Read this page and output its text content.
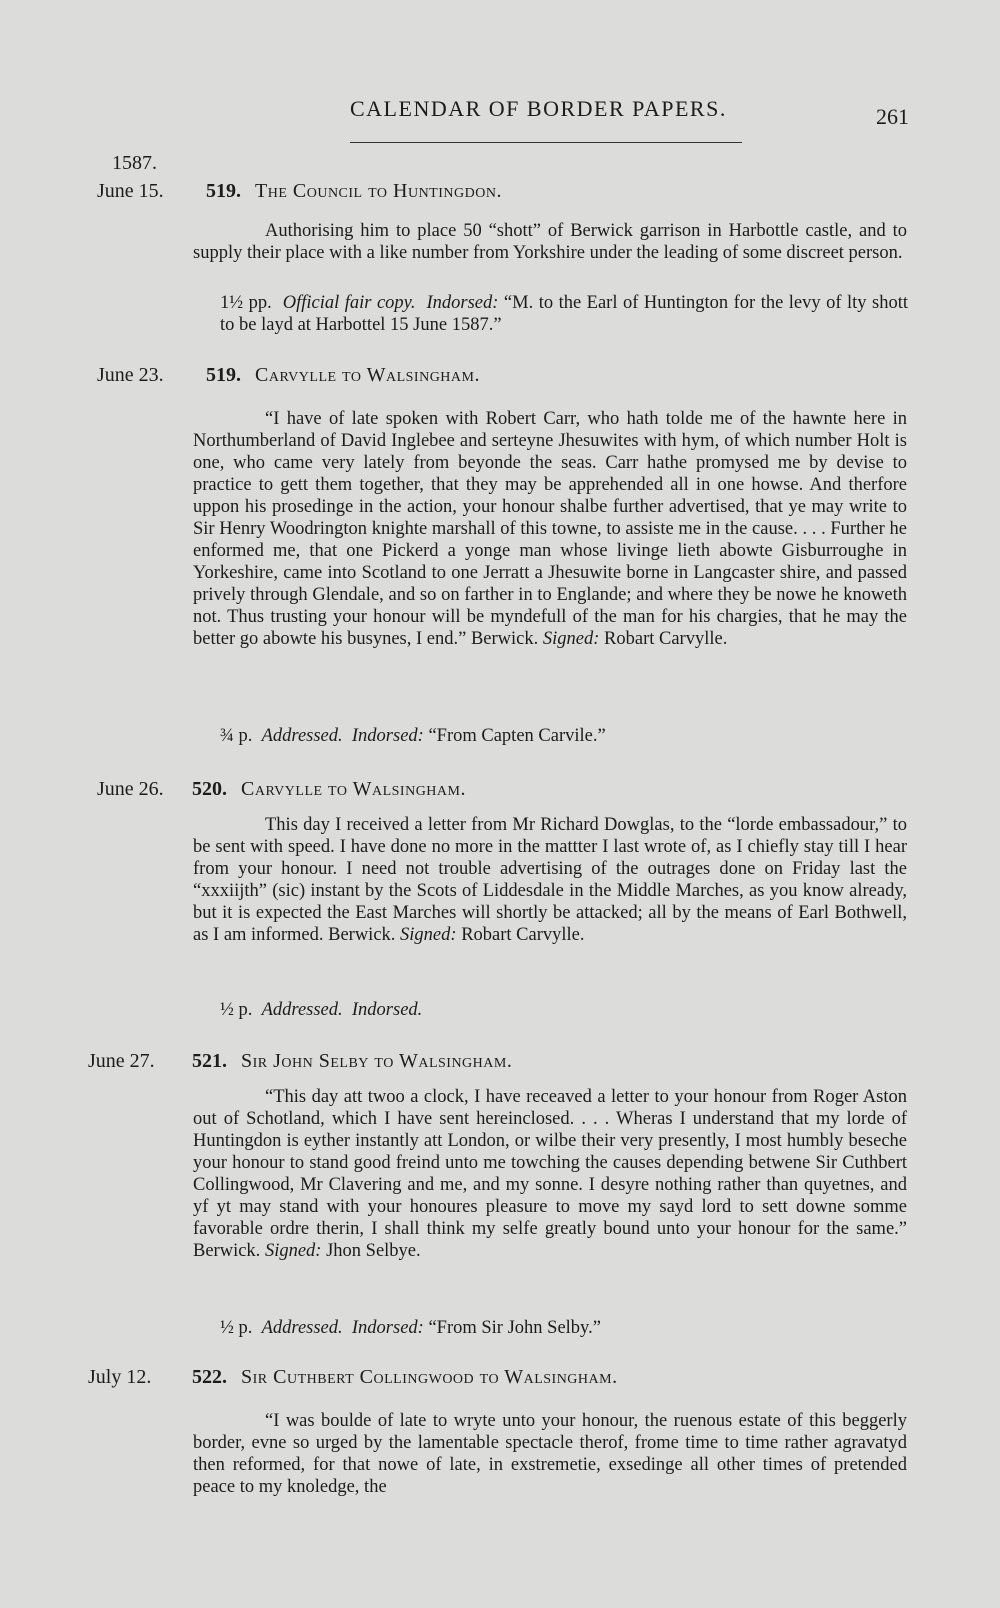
CALENDAR OF BORDER PAPERS.	261
1587.
June 15. 519. The Council to Huntingdon.

Authorising him to place 50 “shott” of Berwick garrison in Harbottle castle, and to supply their place with a like number from Yorkshire under the leading of some discreet person.

1½ pp. Official fair copy. Indorsed: “M. to the Earl of Huntington for the levy of lty shott to be layd at Harbottel 15 June 1587.”
June 23. 519. Carvylle to Walsingham.

“I have of late spoken with Robert Carr, who hath tolde me of the hawnte here in Northumberland of David Inglebee and serteyne Jhesuwites with hym, of which number Holt is one, who came very lately from beyonde the seas. Carr hathe promysed me by devise to practice to gett them together, that they may be apprehended all in one howse. And therfore uppon his prosedinge in the action, your honour shalbe further advertised, that ye may write to Sir Henry Woodrington knighte marshall of this towne, to assiste me in the cause. . . . Further he enformed me, that one Pickerd a yonge man whose livinge lieth abowte Gisburroughe in Yorkeshire, came into Scotland to one Jerratt a Jhesuwite borne in Langcaster shire, and passed prively through Glendale, and so on farther in to Englande; and where they be nowe he knoweth not. Thus trusting your honour will be myndefull of the man for his chargies, that he may the better go abowte his busynes, I end.” Berwick. Signed: Robart Carvylle.

¾ p. Addressed. Indorsed: “From Capten Carvile.”
June 26. 520. Carvylle to Walsingham.

This day I received a letter from Mr Richard Dowglas, to the “lorde embassadour,” to be sent with speed. I have done no more in the mattter I last wrote of, as I chiefly stay till I hear from your honour. I need not trouble advertising of the outrages done on Friday last the “xxxiijth” (sic) instant by the Scots of Liddesdale in the Middle Marches, as you know already, but it is expected the East Marches will shortly be attacked; all by the means of Earl Bothwell, as I am informed. Berwick. Signed: Robart Carvylle.

½ p. Addressed. Indorsed.
June 27. 521. Sir John Selby to Walsingham.

“This day att twoo a clock, I have receaved a letter to your honour from Roger Aston out of Schotland, which I have sent hereinclosed. . . . Wheras I understand that my lorde of Huntingdon is eyther instantly att London, or wilbe their very presently, I most humbly beseche your honour to stand good freind unto me towching the causes depending betwene Sir Cuthbert Collingwood, Mr Clavering and me, and my sonne. I desyre nothing rather than quyetnes, and yf yt may stand with your honoures pleasure to move my sayd lord to sett downe somme favorable ordre therin, I shall think my selfe greatly bound unto your honour for the same.” Berwick. Signed: Jhon Selbye.

½ p. Addressed. Indorsed: “From Sir John Selby.”
July 12. 522. Sir Cuthbert Collingwood to Walsingham.

“I was boulde of late to wryte unto your honour, the ruenous estate of this beggerly border, evne so urged by the lamentable spectacle therof, frome time to time rather agravatyd then reformed, for that nowe of late, in exstremetie, exsedinge all other times of pretended peace to my knoledge, the
